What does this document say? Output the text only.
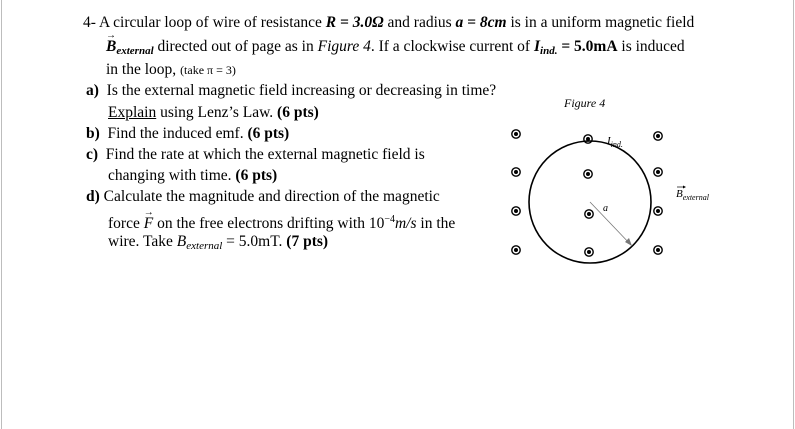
4- A circular loop of wire of resistance R = 3.0Ω and radius a = 8cm is in a uniform magnetic field
→ Bexternal directed out of page as in Figure 4. If a clockwise current of Iind. = 5.0mA is induced
in the loop, (take π = 3)
a) Is the external magnetic field increasing or decreasing in time?
Explain using Lenz’s Law. (6 pts)
b) Find the induced emf. (6 pts)
c) Find the rate at which the external magnetic field is
changing with time. (6 pts)
d) Calculate the magnitude and direction of the magnetic
force → F on the free electrons drifting with $10^{-4}m/s$ in the
wire. Take Bexternal = 5.0mT. (7 pts)
Figure 4
$I_{ind.}$
a
$B_{external}$
